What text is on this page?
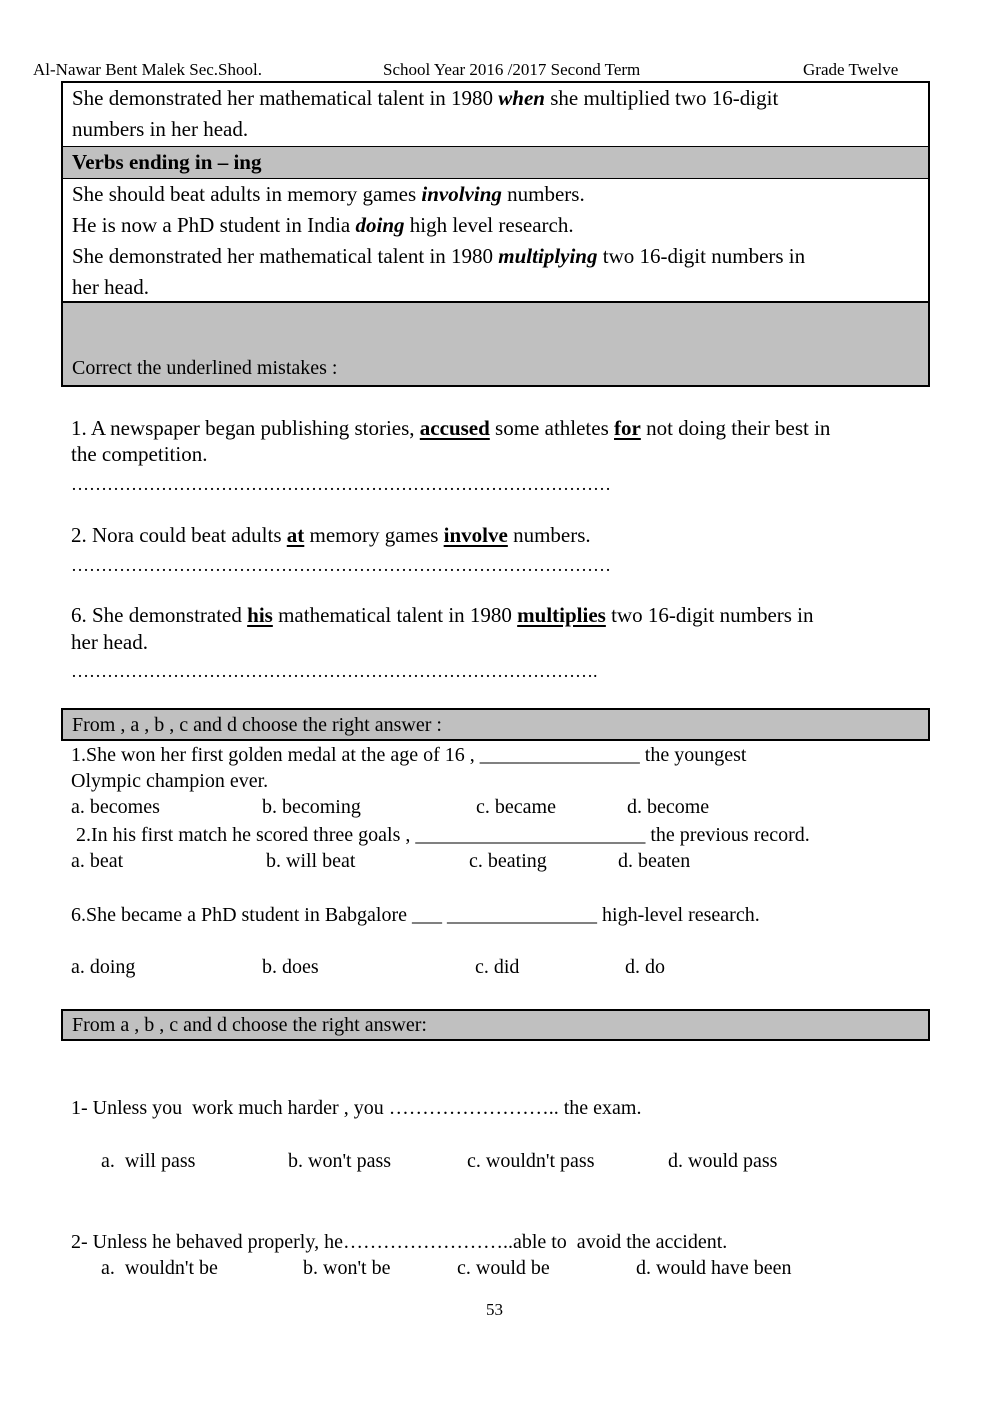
Al-Nawar Bent Malek Sec.Shool.	School Year 2016 /2017 Second Term	Grade Twelve
She demonstrated her mathematical talent in 1980 when she multiplied two 16-digit
numbers in her head.
Verbs ending in – ing
She should beat adults in memory games involving numbers.
He is now a PhD student in India doing high level research.
She demonstrated her mathematical talent in 1980 multiplying two 16-digit numbers in
her head.
Correct the underlined mistakes :
1. A newspaper began publishing stories, accused some athletes for not doing their best in
the competition.
………………………………………………………………………………
2. Nora could beat adults at memory games involve numbers.
………………………………………………………………………………
6. She demonstrated his mathematical talent in 1980 multiplies two 16-digit numbers in
her head.
…………………………………………………………………………….
From , a , b , c and d choose the right answer :
1.She won her first golden medal at the age of 16 , ________________ the youngest
Olympic champion ever.
a. becomes	b. becoming	c. became	d. become
2.In his first match he scored three goals , _______________________ the previous record.
a. beat	b. will beat	c. beating	d. beaten
6.She became a PhD student in Babgalore ___ _______________ high-level research.
a. doing	b. does	c. did	d. do
From a , b , c and d choose the right answer:
1- Unless you  work much harder , you …………………….. the exam.
a.  will pass	b. won't pass	c. wouldn't pass	d. would pass
2- Unless he behaved properly, he……………………..able to  avoid the accident.
a.  wouldn't be	b. won't be	c. would be	d. would have been
53
